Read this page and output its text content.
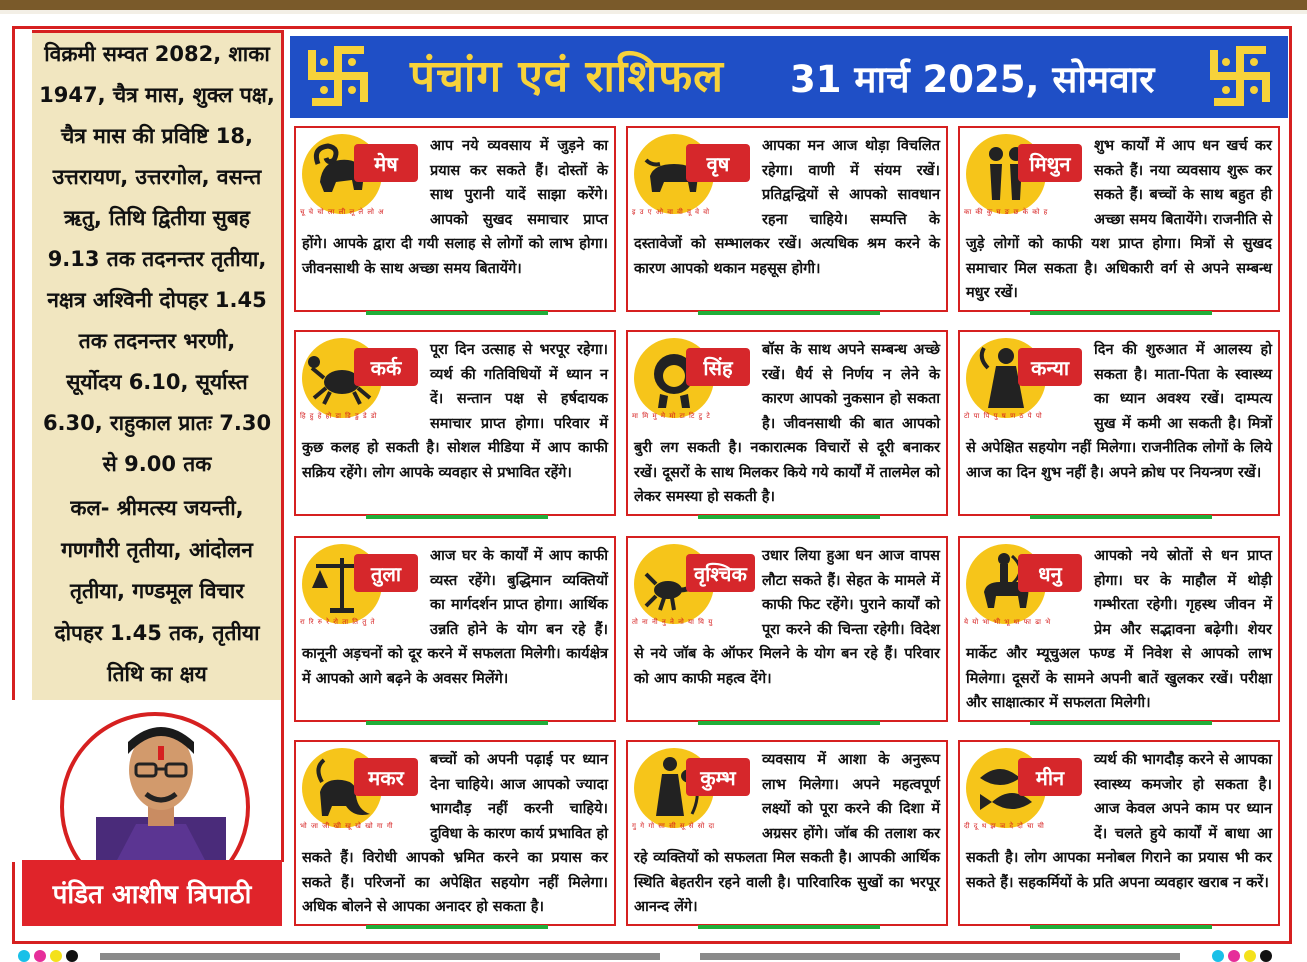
विक्रमी सम्वत 2082, शाका
1947, चैत्र मास, शुक्ल पक्ष,
चैत्र मास की प्रविष्टि 18,
उत्तरायण, उत्तरगोल, वसन्त
ऋतु, तिथि द्वितीया सुबह
9.13 तक तदनन्तर तृतीया,
नक्षत्र अश्विनी दोपहर 1.45
तक तदनन्तर भरणी,
सूर्योदय 6.10, सूर्यास्त
6.30, राहुकाल प्रातः 7.30
से 9.00 तक
कल- श्रीमत्स्य जयन्ती,
गणगौरी तृतीया, आंदोलन
तृतीया, गण्डमूल विचार
दोपहर 1.45 तक, तृतीया
तिथि का क्षय
पंडित आशीष त्रिपाठी
पंचांग एवं राशिफल 31 मार्च 2025, सोमवार
मेष
चू चे चो ला ली लू ले लो अ
आप नये व्यवसाय में जुड़ने का प्रयास कर सकते हैं। दोस्तों के साथ पुरानी यादें साझा करेंगे। आपको सुखद समाचार प्राप्त होंगे। आपके द्वारा दी गयी सलाह से लोगों को लाभ होगा। जीवनसाथी के साथ अच्छा समय बितायेंगे।
वृष
इ उ ए ओ वा वी वू वे वो
आपका मन आज थोड़ा विचलित रहेगा। वाणी में संयम रखें। प्रतिद्वन्द्वियों से आपको सावधान रहना चाहिये। सम्पत्ति के दस्तावेजों को सम्भालकर रखें। अत्यधिक श्रम करने के कारण आपको थकान महसूस होगी।
मिथुन
का की कु घ ङ छ के को ह
शुभ कार्यों में आप धन खर्च कर सकते हैं। नया व्यवसाय शुरू कर सकते हैं। बच्चों के साथ बहुत ही अच्छा समय बितायेंगे। राजनीति से जुड़े लोगों को काफी यश प्राप्त होगा। मित्रों से सुखद समाचार मिल सकता है। अधिकारी वर्ग से अपने सम्बन्ध मधुर रखें।
कर्क
हि हु हे हो डा डि डु डे डो
पूरा दिन उत्साह से भरपूर रहेगा। व्यर्थ की गतिविधियों में ध्यान न दें। सन्तान पक्ष से हर्षदायक समाचार प्राप्त होगा। परिवार में कुछ कलह हो सकती है। सोशल मीडिया में आप काफी सक्रिय रहेंगे। लोग आपके व्यवहार से प्रभावित रहेंगे।
सिंह
मा मि मु मे मो टा टि टु टे
बॉस के साथ अपने सम्बन्ध अच्छे रखें। धैर्य से निर्णय न लेने के कारण आपको नुकसान हो सकता है। जीवनसाथी की बात आपको बुरी लग सकती है। नकारात्मक विचारों से दूरी बनाकर रखें। दूसरों के साथ मिलकर किये गये कार्यों में तालमेल को लेकर समस्या हो सकती है।
कन्या
टो पा पि पु ष ण ठ पे पो
दिन की शुरुआत में आलस्य हो सकता है। माता-पिता के स्वास्थ्य का ध्यान अवश्य रखें। दाम्पत्य सुख में कमी आ सकती है। मित्रों से अपेक्षित सहयोग नहीं मिलेगा। राजनीतिक लोगों के लिये आज का दिन शुभ नहीं है। अपने क्रोध पर नियन्त्रण रखें।
तुला
रा रि रु रे रो ता ति तु ते
आज घर के कार्यों में आप काफी व्यस्त रहेंगे। बुद्धिमान व्यक्तियों का मार्गदर्शन प्राप्त होगा। आर्थिक उन्नति होने के योग बन रहे हैं। कानूनी अड़चनों को दूर करने में सफलता मिलेगी। कार्यक्षेत्र में आपको आगे बढ़ने के अवसर मिलेंगे।
वृश्चिक
तो ना नी नु ने नो या यि यु
उधार लिया हुआ धन आज वापस लौटा सकते हैं। सेहत के मामले में काफी फिट रहेंगे। पुराने कार्यों को पूरा करने की चिन्ता रहेगी। विदेश से नये जॉब के ऑफर मिलने के योग बन रहे हैं। परिवार को आप काफी महत्व देंगे।
धनु
ये यो भा भी भू धा फा ढा भे
आपको नये स्रोतों से धन प्राप्त होगा। घर के माहौल में थोड़ी गम्भीरता रहेगी। गृहस्थ जीवन में प्रेम और सद्भावना बढ़ेगी। शेयर मार्केट और म्यूचुअल फण्ड में निवेश से आपको लाभ मिलेगा। दूसरों के सामने अपनी बातें खुलकर रखें। परीक्षा और साक्षात्कार में सफलता मिलेगी।
मकर
भो जा जी खी खू खे खो गा गी
बच्चों को अपनी पढ़ाई पर ध्यान देना चाहिये। आज आपको ज्यादा भागदौड़ नहीं करनी चाहिये। दुविधा के कारण कार्य प्रभावित हो सकते हैं। विरोधी आपको भ्रमित करने का प्रयास कर सकते हैं। परिजनों का अपेक्षित सहयोग नहीं मिलेगा। अधिक बोलने से आपका अनादर हो सकता है।
कुम्भ
गु गे गो सा सी सू से सो दा
व्यवसाय में आशा के अनुरूप लाभ मिलेगा। अपने महत्वपूर्ण लक्ष्यों को पूरा करने की दिशा में अग्रसर होंगे। जॉब की तलाश कर रहे व्यक्तियों को सफलता मिल सकती है। आपकी आर्थिक स्थिति बेहतरीन रहने वाली है। पारिवारिक सुखों का भरपूर आनन्द लेंगे।
मीन
दी दू थ झ ञ दे दो चा ची
व्यर्थ की भागदौड़ करने से आपका स्वास्थ्य कमजोर हो सकता है। आज केवल अपने काम पर ध्यान दें। चलते हुये कार्यों में बाधा आ सकती है। लोग आपका मनोबल गिराने का प्रयास भी कर सकते हैं। सहकर्मियों के प्रति अपना व्यवहार खराब न करें।
